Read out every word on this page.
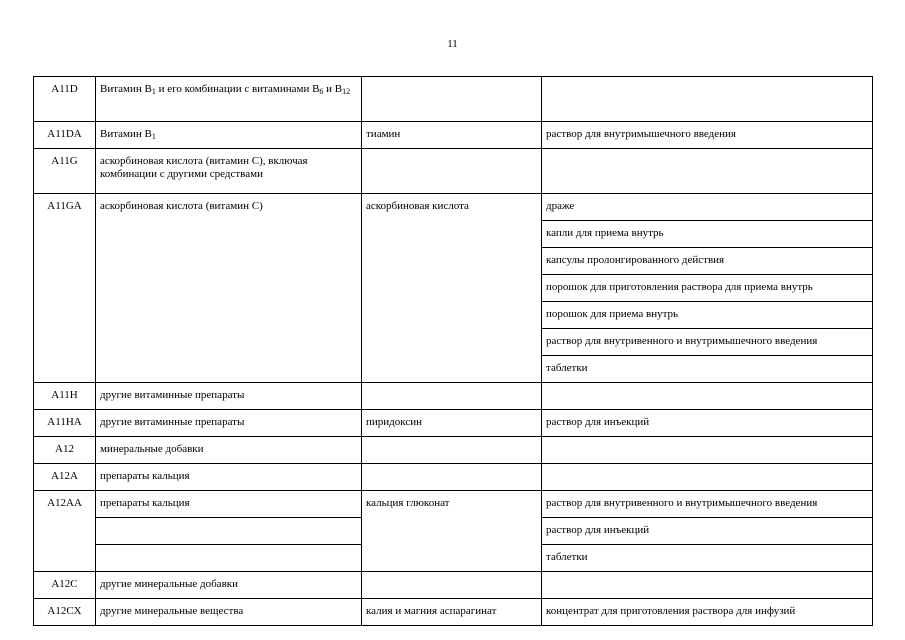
11
A11D	Витамин $B_1$ и его комбинации с витаминами $B_6$ и $B_{12}$		
A11DA	Витамин $B_1$	тиамин	раствор для внутримышечного введения
A11G	аскорбиновая кислота (витамин С), включая комбинации с другими средствами		
A11GA	аскорбиновая кислота (витамин С)	аскорбиновая кислота	драже
			капли для приема внутрь
			капсулы пролонгированного действия
			порошок для приготовления раствора для приема внутрь
			порошок для приема внутрь
			раствор для внутривенного и внутримышечного введения
			таблетки
A11H	другие витаминные препараты		
A11HA	другие витаминные препараты	пиридоксин	раствор для инъекций
A12	минеральные добавки		
A12A	препараты кальция		
A12AA	препараты кальция	кальция глюконат	раствор для внутривенного и внутримышечного введения
			раствор для инъекций
			таблетки
A12C	другие минеральные добавки		
A12CX	другие минеральные вещества	калия и магния аспарагинат	концентрат для приготовления раствора для инфузий
